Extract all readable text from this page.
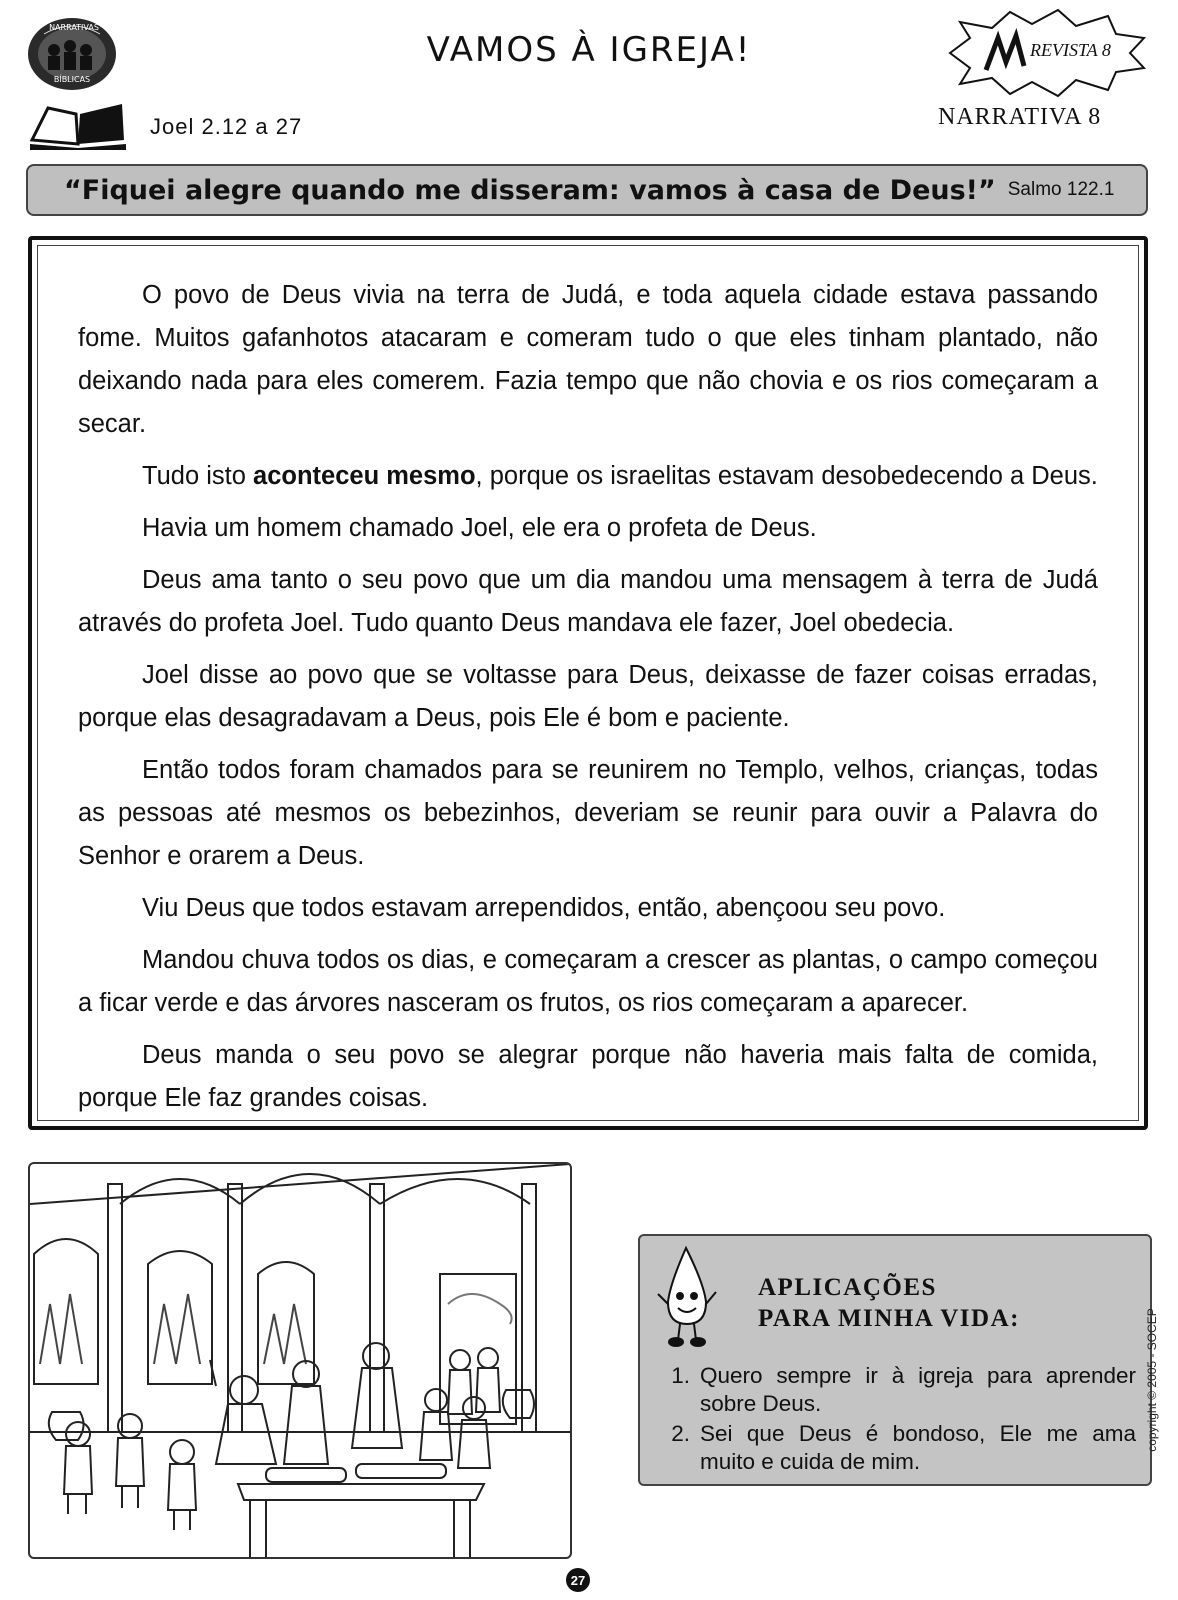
NARRATIVAS
BÍBLICAS
VAMOS À IGREJA!	REVISTA 8
Joel 2.12 a 27	NARRATIVA 8
“Fiquei alegre quando me disseram: vamos à casa de Deus!” Salmo 122.1

O povo de Deus vivia na terra de Judá, e toda aquela cidade estava passando fome. Muitos gafanhotos atacaram e comeram tudo o que eles tinham plantado, não deixando nada para eles comerem. Fazia tempo que não chovia e os rios começaram a secar.

Tudo isto aconteceu mesmo, porque os israelitas estavam desobedecendo a Deus.

Havia um homem chamado Joel, ele era o profeta de Deus.

Deus ama tanto o seu povo que um dia mandou uma mensagem à terra de Judá através do profeta Joel. Tudo quanto Deus mandava ele fazer, Joel obedecia.

Joel disse ao povo que se voltasse para Deus, deixasse de fazer coisas erradas, porque elas desagradavam a Deus, pois Ele é bom e paciente.

Então todos foram chamados para se reunirem no Templo, velhos, crianças, todas as pessoas até mesmos os bebezinhos, deveriam se reunir para ouvir a Palavra do Senhor e orarem a Deus.

Viu Deus que todos estavam arrependidos, então, abençoou seu povo.

Mandou chuva todos os dias, e começaram a crescer as plantas, o campo começou a ficar verde e das árvores nasceram os frutos, os rios começaram a aparecer.

Deus manda o seu povo se alegrar porque não haveria mais falta de comida, porque Ele faz grandes coisas.

APLICAÇÕES
PARA MINHA VIDA:
1. Quero sempre ir à igreja para aprender sobre Deus.
2. Sei que Deus é bondoso, Ele me ama muito e cuida de mim.
copyright © 2005 - SOCEP
27
